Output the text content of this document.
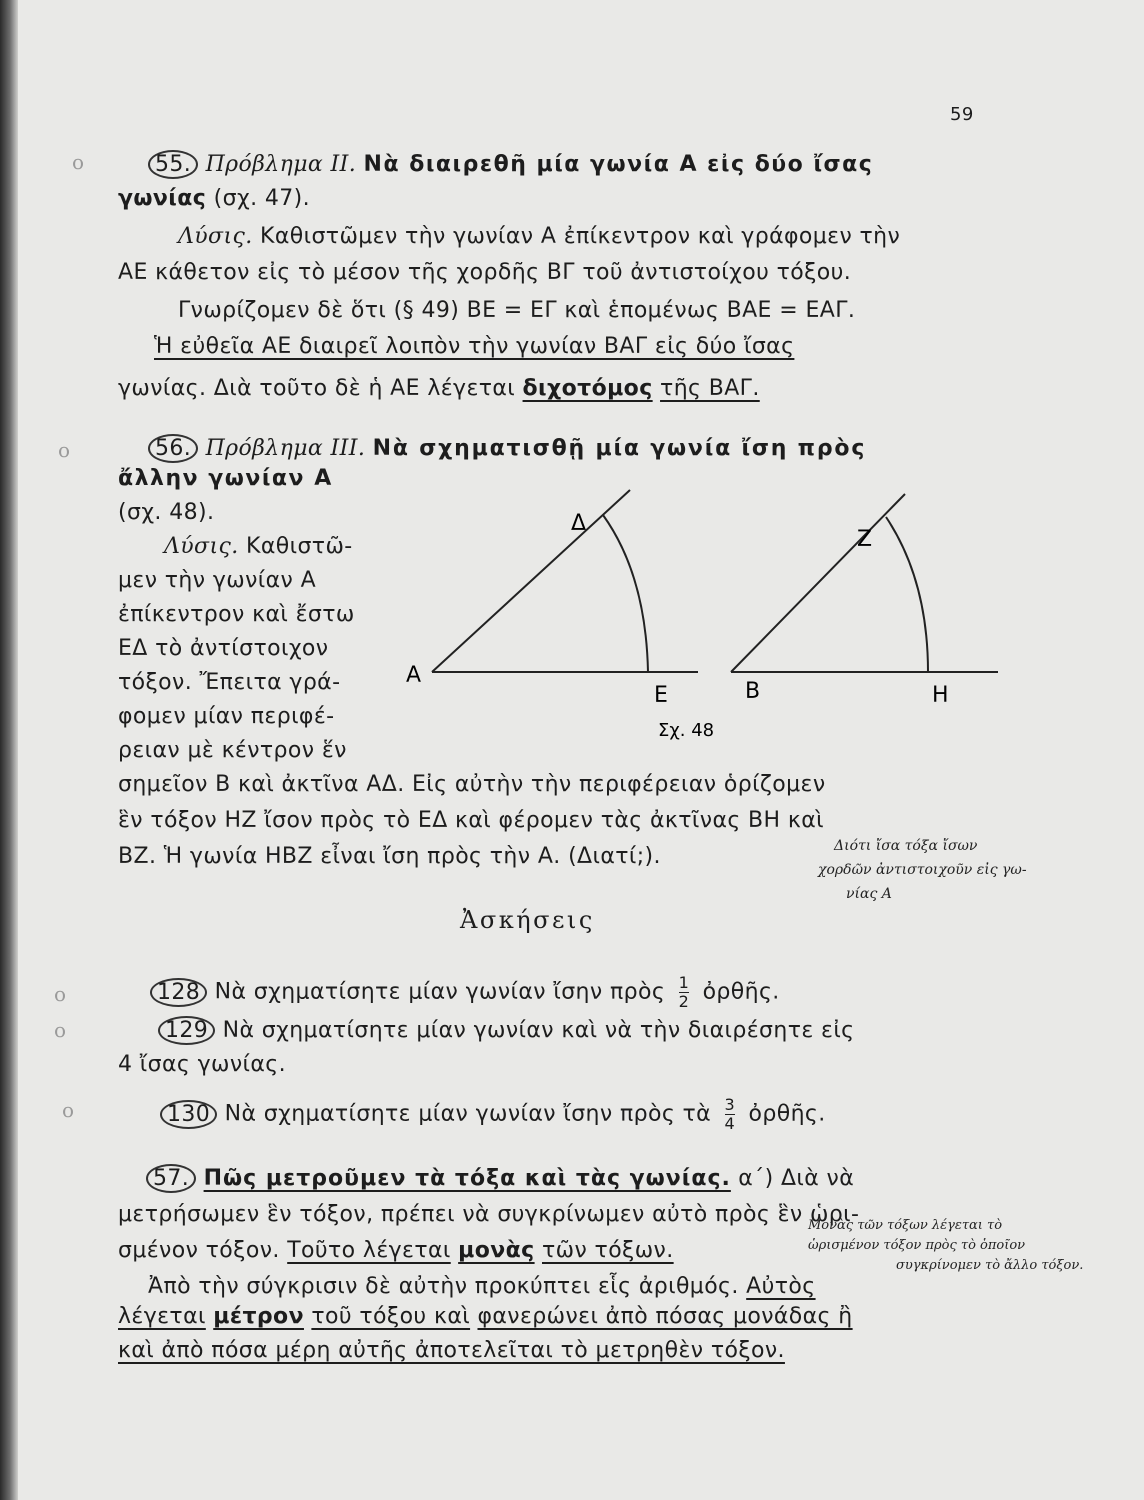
o
o
o
o
o
59
55. Πρόβλημα ΙΙ. Νὰ διαιρεθῆ μία γωνία Α εἰς δύο ἴσας
γωνίας (σχ. 47).
Λύσις. Καθιστῶμεν τὴν γωνίαν Α ἐπίκεντρον καὶ γράφομεν τὴν
ΑΕ κάθετον εἰς τὸ μέσον τῆς χορδῆς ΒΓ τοῦ ἀντιστοίχου τόξου.
Γνωρίζομεν δὲ ὅτι (§ 49) ΒΕ = ΕΓ καὶ ἑπομένως ΒΑΕ = ΕΑΓ.
Ἡ εὐθεῖα ΑΕ διαιρεῖ λοιπὸν τὴν γωνίαν ΒΑΓ εἰς δύο ἴσας
γωνίας. Διὰ τοῦτο δὲ ἡ ΑΕ λέγεται διχοτόμος τῆς ΒΑΓ.
56. Πρόβλημα ΙΙΙ. Νὰ σχηματισθῇ μία γωνία ἴση πρὸς
ἄλλην γωνίαν Α
(σχ. 48).
Λύσις. Καθιστῶ-
μεν τὴν γωνίαν Α
ἐπίκεντρον καὶ ἔστω
ΕΔ τὸ ἀντίστοιχον
τόξον. Ἔπειτα γρά-
φομεν μίαν περιφέ-
ρειαν μὲ κέντρον ἕν
Α
Δ
Ε	Β
Ζ
Η
Σχ. 48
σημεῖον Β καὶ ἀκτῖνα ΑΔ. Εἰς αὐτὴν τὴν περιφέρειαν ὁρίζομεν
ἓν τόξον ΗΖ ἴσον πρὸς τὸ ΕΔ καὶ φέρομεν τὰς ἀκτῖνας ΒΗ καὶ
ΒΖ. Ἡ γωνία ΗΒΖ εἶναι ἴση πρὸς τὴν Α. (Διατί;).	Διότι ἴσα τόξα ἴσων
χορδῶν ἀντιστοιχοῦν εἰς γω-
νίας Α
Ἀσκήσεις
128 Νὰ σχηματίσητε μίαν γωνίαν ἴσην πρὸς $\frac{1}{2}$ ὀρθῆς.
129 Νὰ σχηματίσητε μίαν γωνίαν καὶ νὰ τὴν διαιρέσητε εἰς
4 ἴσας γωνίας.
130 Νὰ σχηματίσητε μίαν γωνίαν ἴσην πρὸς τὰ $\frac{3}{4}$ ὀρθῆς.
57. Πῶς μετροῦμεν τὰ τόξα καὶ τὰς γωνίας. α΄) Διὰ νὰ
μετρήσωμεν ἓν τόξον, πρέπει νὰ συγκρίνωμεν αὐτὸ πρὸς ἓν ὡρι-
σμένον τόξον. Τοῦτο λέγεται μονὰς τῶν τόξων.
Ἀπὸ τὴν σύγκρισιν δὲ αὐτὴν προκύπτει εἷς ἀριθμός. Αὐτὸς
λέγεται μέτρον τοῦ τόξου καὶ φανερώνει ἀπὸ πόσας μονάδας ἢ
καὶ ἀπὸ πόσα μέρη αὐτῆς ἀποτελεῖται τὸ μετρηθὲν τόξον.
Μονὰς τῶν τόξων λέγεται τὸ
ὡρισμένον τόξον πρὸς τὸ ὁποῖον
συγκρίνομεν τὸ ἄλλο τόξον.
